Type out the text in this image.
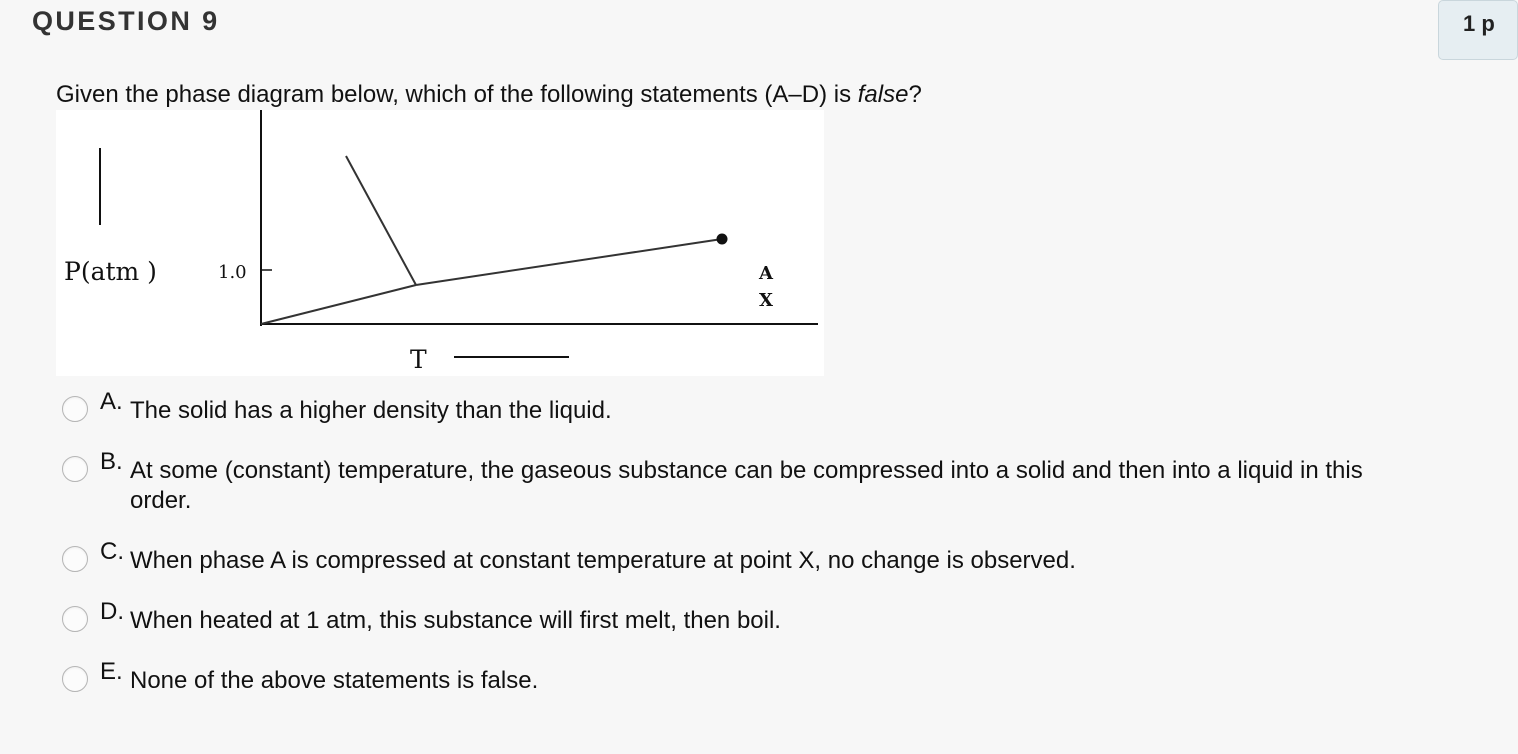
QUESTION 9	1 p
Given the phase diagram below, which of the following statements (A–D) is false?
P(atm )	1.0
T
A
X
A. The solid has a higher density than the liquid.
B. At some (constant) temperature, the gaseous substance can be compressed into a solid and then into a liquid in this order.
C. When phase A is compressed at constant temperature at point X, no change is observed.
D. When heated at 1 atm, this substance will first melt, then boil.
E. None of the above statements is false.
